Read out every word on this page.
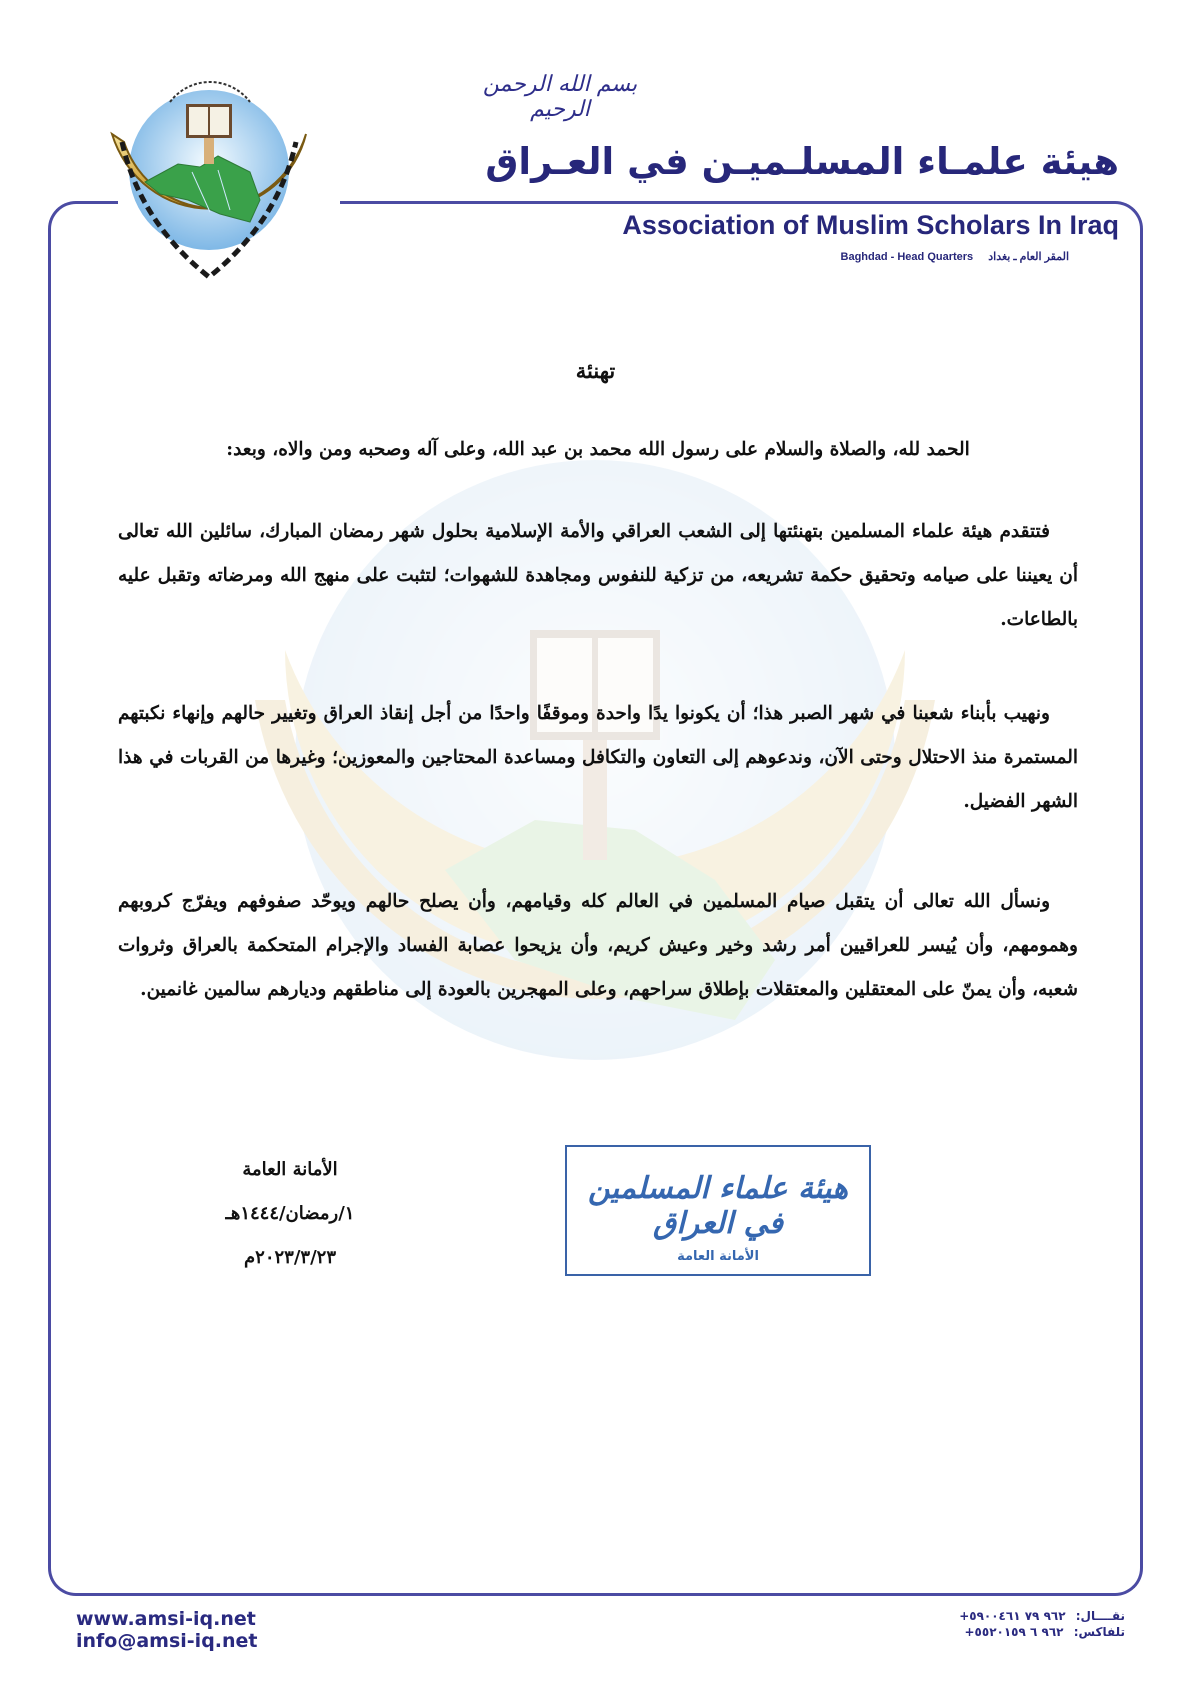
بسم الله الرحمن الرحيم
هيئة علمـاء المسلـميـن في العـراق
Association of Muslim Scholars In Iraq
Baghdad - Head Quarters المقر العام ـ بغداد
تهنئة
الحمد لله، والصلاة والسلام على رسول الله محمد بن عبد الله، وعلى آله وصحبه ومن والاه، وبعد:
فتتقدم هيئة علماء المسلمين بتهنئتها إلى الشعب العراقي والأمة الإسلامية بحلول شهر رمضان المبارك، سائلين الله تعالى أن يعيننا على صيامه وتحقيق حكمة تشريعه، من تزكية للنفوس ومجاهدة للشهوات؛ لتثبت على منهج الله ومرضاته وتقبل عليه بالطاعات.
ونهيب بأبناء شعبنا في شهر الصبر هذا؛ أن يكونوا يدًا واحدة وموقفًا واحدًا من أجل إنقاذ العراق وتغيير حالهم وإنهاء نكبتهم المستمرة منذ الاحتلال وحتى الآن، وندعوهم إلى التعاون والتكافل ومساعدة المحتاجين والمعوزين؛ وغيرها من القربات في هذا الشهر الفضيل.
ونسأل الله تعالى أن يتقبل صيام المسلمين في العالم كله وقيامهم، وأن يصلح حالهم ويوحّد صفوفهم ويفرّج كروبهم وهمومهم، وأن يُيسر للعراقيين أمر رشد وخير وعيش كريم، وأن يزيحوا عصابة الفساد والإجرام المتحكمة بالعراق وثروات شعبه، وأن يمنّ على المعتقلين والمعتقلات بإطلاق سراحهم، وعلى المهجرين بالعودة إلى مناطقهم وديارهم سالمين غانمين.
الأمانة العامة
١/رمضان/١٤٤٤هـ
٢٠٢٣/٣/٢٣م
هيئة علماء المسلمين في العراق
الأمانة العامة
www.amsi-iq.net
info@amsi-iq.net
نقــــال: +٩٦٢ ٧٩ ٥٩٠٠٤٦١
تلفاكس: +٩٦٢ ٦ ٥٥٢٠١٥٩
